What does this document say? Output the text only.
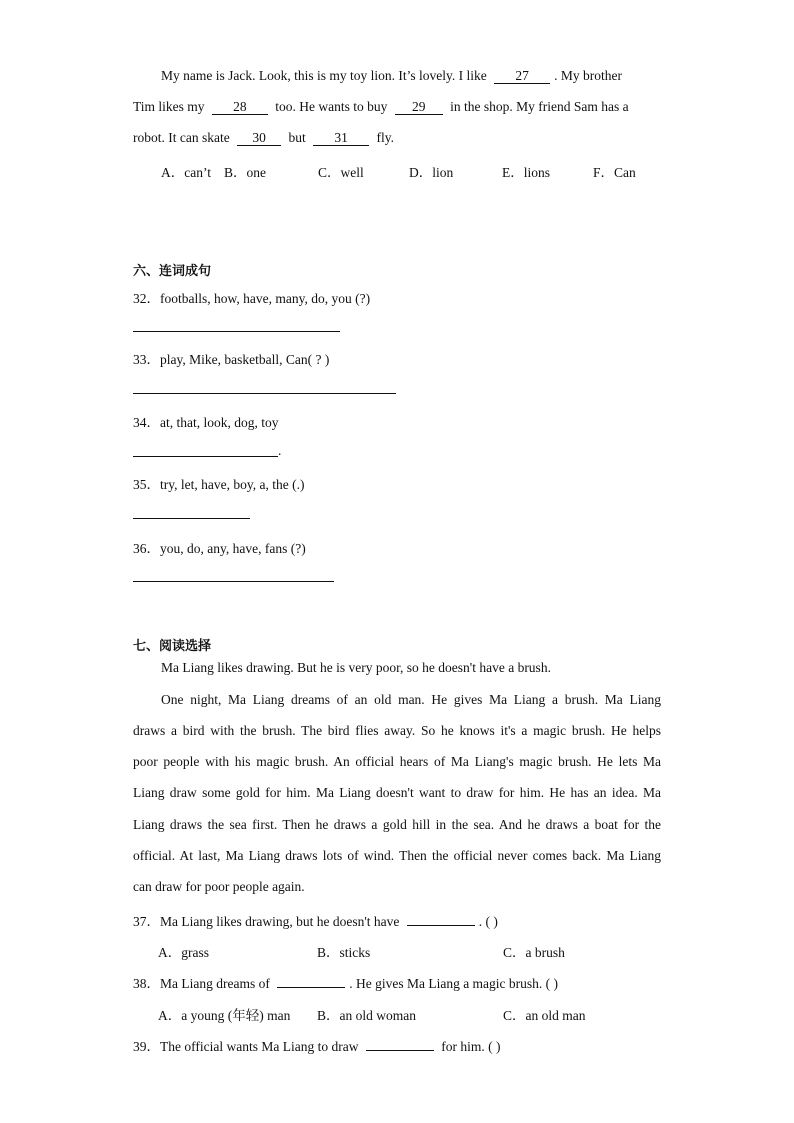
My name is Jack. Look, this is my toy lion. It’s lovely. I like 27 . My brother
Tim likes my 28 too. He wants to buy 29 in the shop. My friend Sam has a
robot. It can skate 30 but 31 fly.
A．can’t B．one	C．well	D．lion	E．lions	F．Can
六、连词成句
32．footballs, how, have, many, do, you (?)
33．play, Mike, basketball, Can( ? )
34．at, that, look, dog, toy
.
35．try, let, have, boy, a, the (.)
36．you, do, any, have, fans (?)
七、阅读选择
Ma Liang likes drawing. But he is very poor, so he doesn't have a brush.
One night, Ma Liang dreams of an old man. He gives Ma Liang a brush. Ma Liang
draws a bird with the brush. The bird flies away. So he knows it's a magic brush. He helps
poor people with his magic brush. An official hears of Ma Liang's magic brush. He lets Ma
Liang draw some gold for him. Ma Liang doesn't want to draw for him. He has an idea. Ma
Liang draws the sea first. Then he draws a gold hill in the sea. And he draws a boat for the
official. At last, Ma Liang draws lots of wind. Then the official never comes back. Ma Liang
can draw for poor people again.
37．Ma Liang likes drawing, but he doesn't have	. ( )
A．grass	B．sticks	C．a brush
38．Ma Liang dreams of	. He gives Ma Liang a magic brush. ( )
A．a young (年轻) man B．an old woman	C．an old man
39．The official wants Ma Liang to draw	for him. ( )
